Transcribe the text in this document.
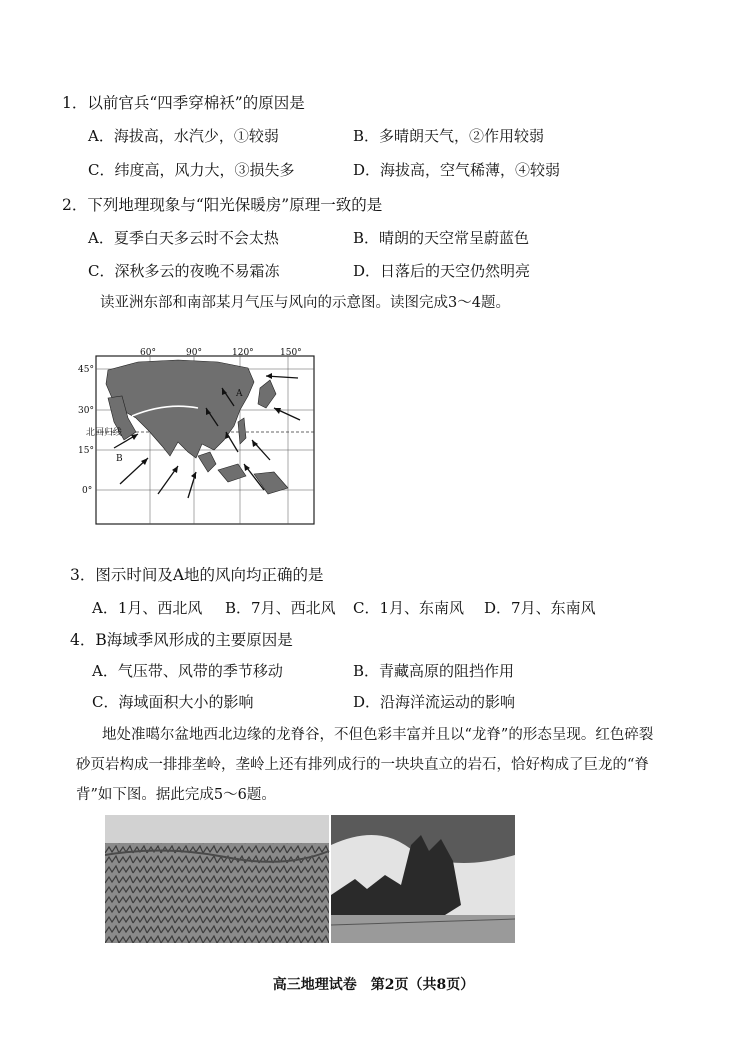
1．以前官兵“四季穿棉袄”的原因是
A．海拔高，水汽少，①较弱	B．多晴朗天气，②作用较弱
C．纬度高，风力大，③损失多	D．海拔高，空气稀薄，④较弱
2．下列地理现象与“阳光保暖房”原理一致的是
A．夏季白天多云时不会太热	B．晴朗的天空常呈蔚蓝色
C．深秋多云的夜晚不易霜冻	D．日落后的天空仍然明亮
读亚洲东部和南部某月气压与风向的示意图。读图完成3～4题。
60°	90°	120°	150°
45°
30°
15°
0°
北回归线
B
A
3．图示时间及A地的风向均正确的是
A．1月、西北风 B．7月、西北风 C．1月、东南风 D．7月、东南风
4．B海域季风形成的主要原因是
A．气压带、风带的季节移动	B．青藏高原的阻挡作用
C．海域面积大小的影响	D．沿海洋流运动的影响
地处准噶尔盆地西北边缘的龙脊谷，不但色彩丰富并且以“龙脊”的形态呈现。红色碎裂砂页岩构成一排排垄岭，垄岭上还有排列成行的一块块直立的岩石，恰好构成了巨龙的“脊背”如下图。据此完成5～6题。
高三地理试卷　第2页（共8页）
